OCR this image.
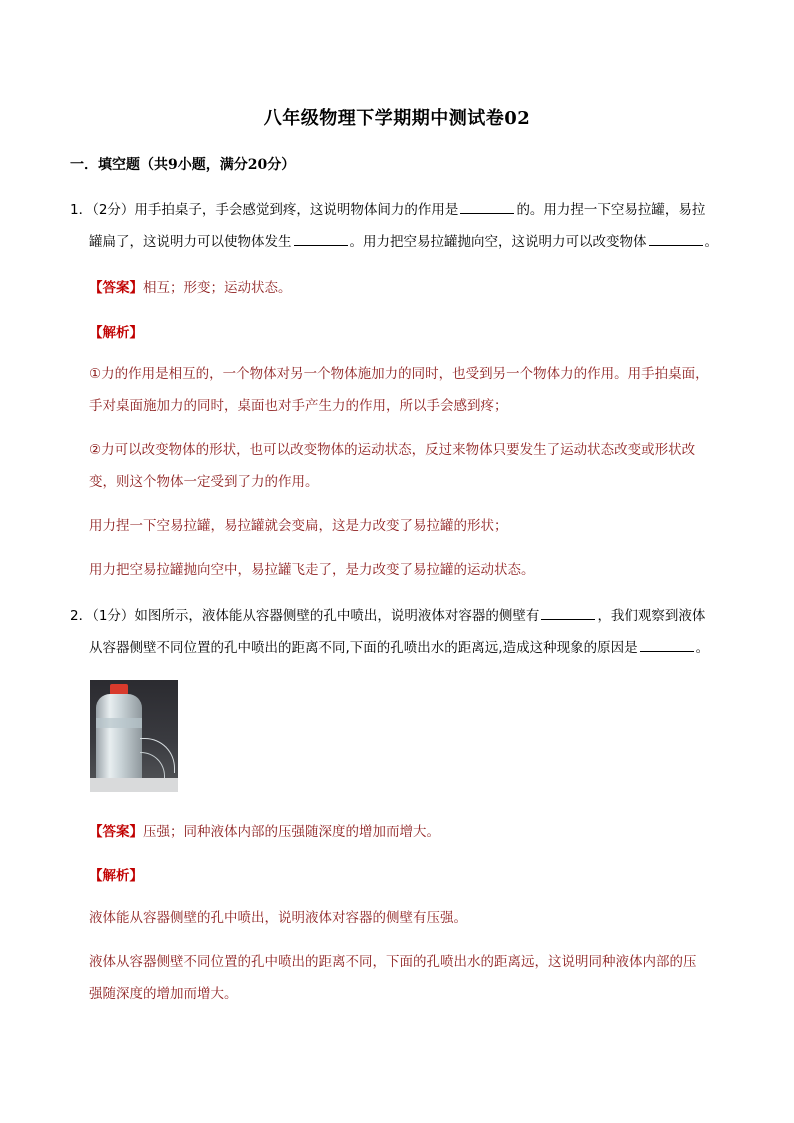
八年级物理下学期期中测试卷02
一．填空题（共9小题，满分20分）
1．（2分）用手拍桌子，手会感觉到疼，这说明物体间力的作用是	的。用力捏一下空易拉罐，易拉
罐扁了，这说明力可以使物体发生	。用力把空易拉罐抛向空，这说明力可以改变物体	。
【答案】相互；形变；运动状态。
【解析】
①力的作用是相互的，一个物体对另一个物体施加力的同时，也受到另一个物体力的作用。用手拍桌面，
手对桌面施加力的同时，桌面也对手产生力的作用，所以手会感到疼；
②力可以改变物体的形状，也可以改变物体的运动状态，反过来物体只要发生了运动状态改变或形状改
变，则这个物体一定受到了力的作用。
用力捏一下空易拉罐，易拉罐就会变扁，这是力改变了易拉罐的形状；
用力把空易拉罐抛向空中，易拉罐飞走了，是力改变了易拉罐的运动状态。
2．（1分）如图所示，液体能从容器侧壁的孔中喷出，说明液体对容器的侧壁有	，我们观察到液体
从容器侧壁不同位置的孔中喷出的距离不同,下面的孔喷出水的距离远,造成这种现象的原因是	。
【答案】压强；同种液体内部的压强随深度的增加而增大。
【解析】
液体能从容器侧壁的孔中喷出，说明液体对容器的侧壁有压强。
液体从容器侧壁不同位置的孔中喷出的距离不同，下面的孔喷出水的距离远，这说明同种液体内部的压
强随深度的增加而增大。
